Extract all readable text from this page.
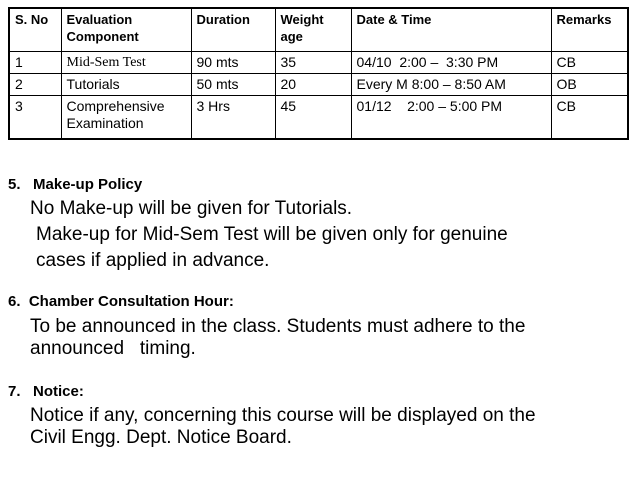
S. No	Evaluation Component	Duration	Weight age	Date & Time	Remarks
1	Mid-Sem Test	90 mts	35	04/10  2:00 –  3:30 PM	CB
2	Tutorials	50 mts	20	Every M 8:00 – 8:50 AM	OB
3	Comprehensive Examination	3 Hrs	45	01/12    2:00 – 5:00 PM	CB
5.   Make-up Policy
No Make-up will be given for Tutorials.
Make-up for Mid-Sem Test will be given only for genuine
cases if applied in advance.
6.  Chamber Consultation Hour:
To be announced in the class. Students must adhere to the
announced   timing.
7.   Notice:
Notice if any, concerning this course will be displayed on the
Civil Engg. Dept. Notice Board.
